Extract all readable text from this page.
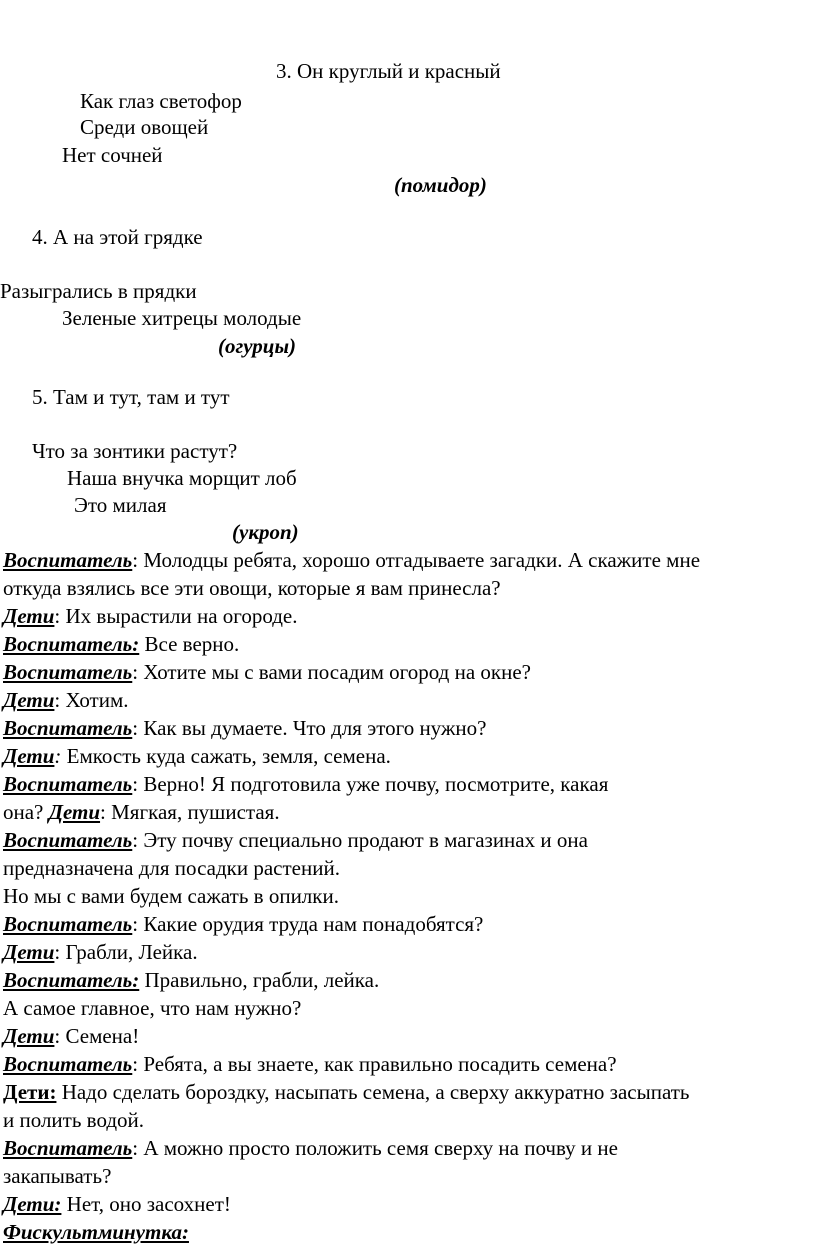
3. Он круглый и красный
Как глаз светофор
Среди овощей
Нет сочней
(помидор)
4. А на этой грядке
Разыгрались в прядки
Зеленые хитрецы молодые
(огурцы)
5. Там и тут, там и тут
Что за зонтики растут?
Наша внучка морщит лоб
Это милая
(укроп)
Воспитатель: Молодцы ребята, хорошо отгадываете загадки. А скажите мне
откуда взялись все эти овощи, которые я вам принесла?
Дети: Их вырастили на огороде.
Воспитатель: Все верно.
Воспитатель: Хотите мы с вами посадим огород на окне?
Дети: Хотим.
Воспитатель: Как вы думаете. Что для этого нужно?
Дети: Емкость куда сажать, земля, семена.
Воспитатель: Верно! Я подготовила уже почву, посмотрите, какая
она? Дети: Мягкая, пушистая.
Воспитатель: Эту почву специально продают в магазинах и она
предназначена для посадки растений.
Но мы с вами будем сажать в опилки.
Воспитатель: Какие орудия труда нам понадобятся?
Дети: Грабли, Лейка.
Воспитатель: Правильно, грабли, лейка.
А самое главное, что нам нужно?
Дети: Семена!
Воспитатель: Ребята, а вы знаете, как правильно посадить семена?
Дети: Надо сделать бороздку, насыпать семена, а сверху аккуратно засыпать
и полить водой.
Воспитатель: А можно просто положить семя сверху на почву и не
закапывать?
Дети: Нет, оно засохнет!
Фискультминутка:
